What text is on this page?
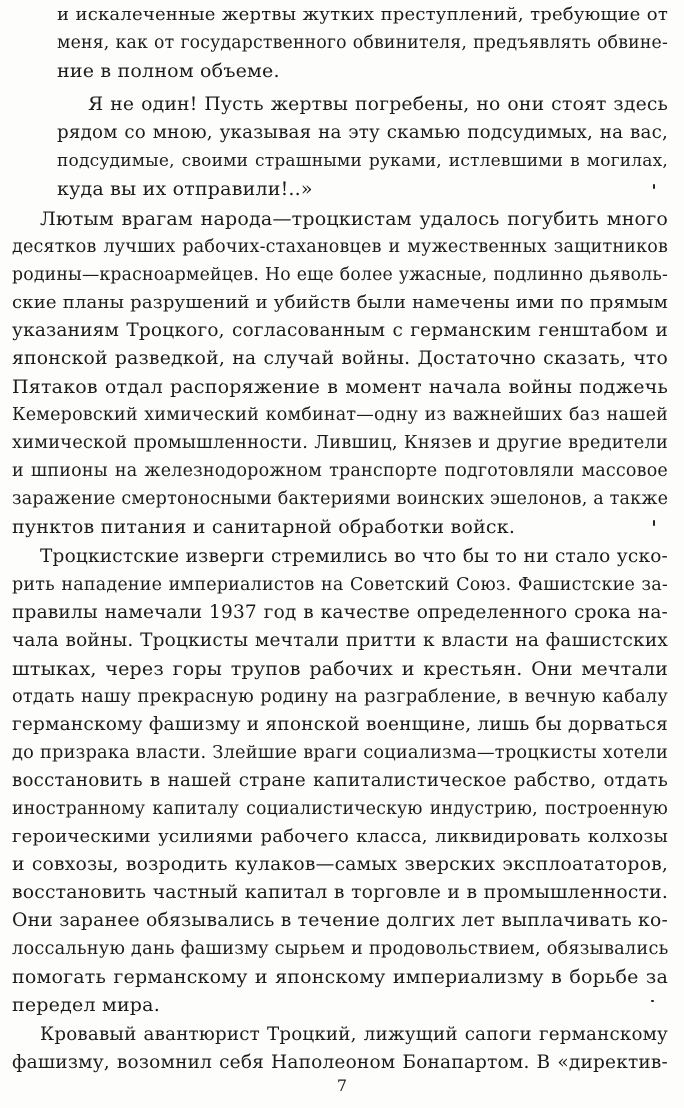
и искалеченные жертвы жутких преступлений, требующие от
меня, как от государственного обвинителя, предъявлять обвине-
ние в полном объеме.
Я не один! Пусть жертвы погребены, но они стоят здесь
рядом со мною, указывая на эту скамью подсудимых, на вас,
подсудимые, своими страшными руками, истлевшими в могилах,
куда вы их отправили!..»
Лютым врагам народа—троцкистам удалось погубить много
десятков лучших рабочих-стахановцев и мужественных защитников
родины—красноармейцев. Но еще более ужасные, подлинно дьяволь-
ские планы разрушений и убийств были намечены ими по прямым
указаниям Троцкого, согласованным с германским генштабом и
японской разведкой, на случай войны. Достаточно сказать, что
Пятаков отдал распоряжение в момент начала войны поджечь
Кемеровский химический комбинат—одну из важнейших баз нашей
химической промышленности. Лившиц, Князев и другие вредители
и шпионы на железнодорожном транспорте подготовляли массовое
заражение смертоносными бактериями воинских эшелонов, а также
пунктов питания и санитарной обработки войск.
Троцкистские изверги стремились во что бы то ни стало уско-
рить нападение империалистов на Советский Союз. Фашистские за-
правилы намечали 1937 год в качестве определенного срока на-
чала войны. Троцкисты мечтали притти к власти на фашистских
штыках, через горы трупов рабочих и крестьян. Они мечтали
отдать нашу прекрасную родину на разграбление, в вечную кабалу
германскому фашизму и японской военщине, лишь бы дорваться
до призрака власти. Злейшие враги социализма—троцкисты хотели
восстановить в нашей стране капиталистическое рабство, отдать
иностранному капиталу социалистическую индустрию, построенную
героическими усилиями рабочего класса, ликвидировать колхозы
и совхозы, возродить кулаков—самых зверских эксплоататоров,
восстановить частный капитал в торговле и в промышленности.
Они заранее обязывались в течение долгих лет выплачивать ко-
лоссальную дань фашизму сырьем и продовольствием, обязывались
помогать германскому и японскому империализму в борьбе за
передел мира.
Кровавый авантюрист Троцкий, лижущий сапоги германскому
фашизму, возомнил себя Наполеоном Бонапартом. В «директив-
7
